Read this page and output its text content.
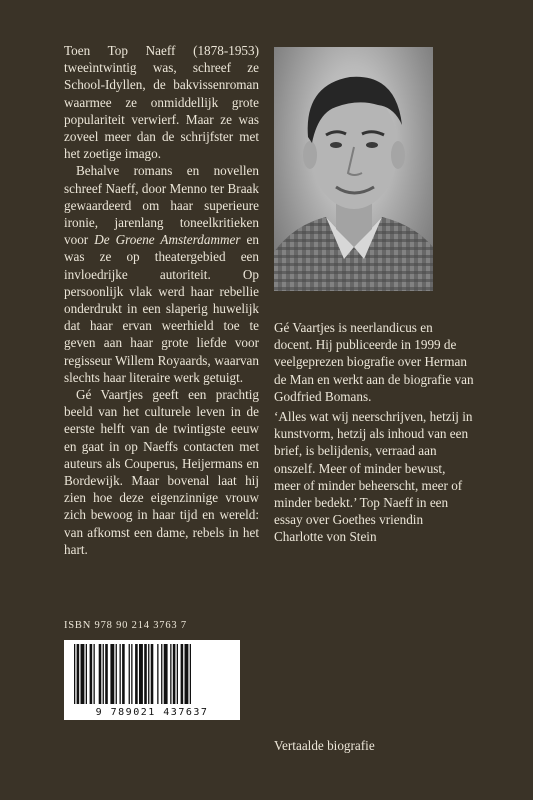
Toen Top Naeff (1878-1953) tweeìntwintig was, schreef ze School-Idyllen, de bakvissenroman waarmee ze onmiddellijk grote populariteit verwierf. Maar ze was zoveel meer dan de schrijfster met het zoetige imago.

Behalve romans en novellen schreef Naeff, door Menno ter Braak gewaardeerd om haar superieure ironie, jarenlang toneelkritieken voor De Groene Amsterdammer en was ze op theatergebied een invloedrijke autoriteit. Op persoonlijk vlak werd haar rebellie onderdrukt in een slaperig huwelijk dat haar ervan weerhield toe te geven aan haar grote liefde voor regisseur Willem Royaards, waarvan slechts haar literaire werk getuigt.

Gé Vaartjes geeft een prachtig beeld van het culturele leven in de eerste helft van de twintigste eeuw en gaat in op Naeffs contacten met auteurs als Couperus, Heijermans en Bordewijk. Maar bovenal laat hij zien hoe deze eigenzinnige vrouw zich bewoog in haar tijd en wereld: van afkomst een dame, rebels in het hart.

Gé Vaartjes is neerlandicus en docent. Hij publiceerde in 1999 de veelgeprezen biografie over Herman de Man en werkt aan de biografie van Godfried Bomans.

‘Alles wat wij neerschrijven, hetzij in kunstvorm, hetzij als inhoud van een brief, is belijdenis, verraad aan onszelf. Meer of minder bewust, meer of minder beheerscht, meer of minder bedekt.’ Top Naeff in een essay over Goethes vriendin Charlotte von Stein

ISBN 978 90 214 3763 7
9 789021 437637
Vertaalde biografie
